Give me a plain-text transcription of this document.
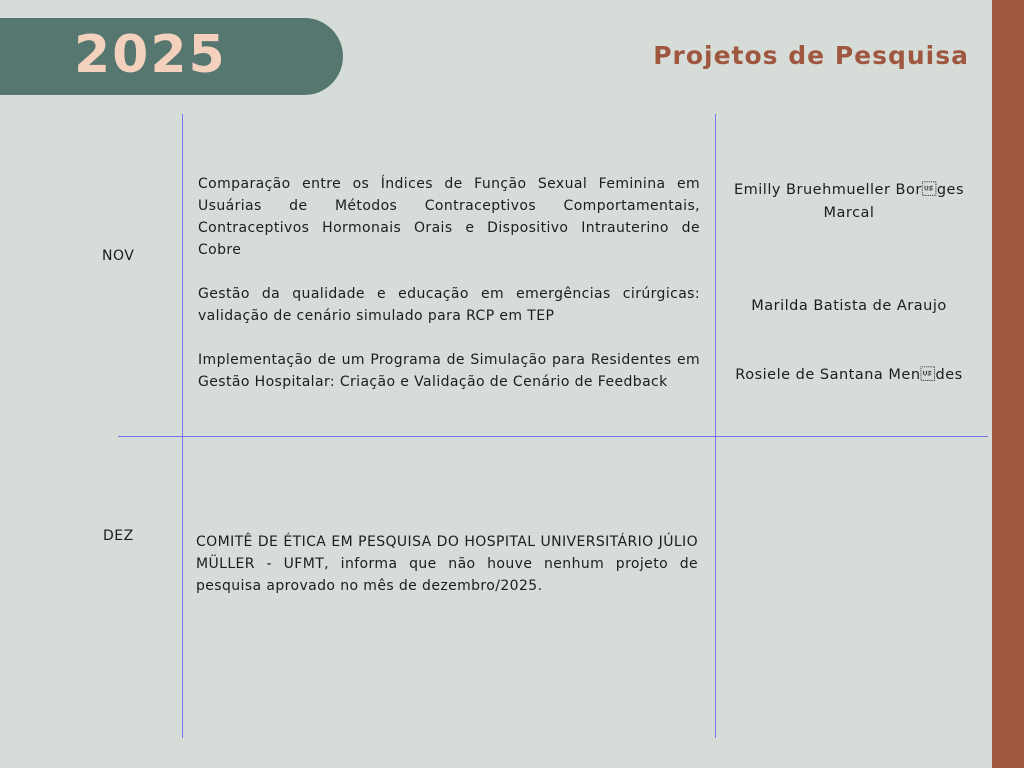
2025	Projetos de Pesquisa
NOV
Comparação entre os Índices de Função Sexual Feminina em Usuárias de Métodos Contraceptivos Comportamentais, Contraceptivos Hormonais Orais e Dispositivo Intrauterino de Cobre
Gestão da qualidade e educação em emergências cirúrgicas: validação de cenário simulado para RCP em TEP
Implementação de um Programa de Simulação para Residentes em Gestão Hospitalar: Criação e Validação de Cenário de Feedback
Emilly Bruehmueller Borges Marcal
Marilda Batista de Araujo
Rosiele de Santana Mendes
DEZ	COMITÊ DE ÉTICA EM PESQUISA DO HOSPITAL UNIVERSITÁRIO JÚLIO MÜLLER - UFMT, informa que não houve nenhum projeto de pesquisa aprovado no mês de dezembro/2025.
